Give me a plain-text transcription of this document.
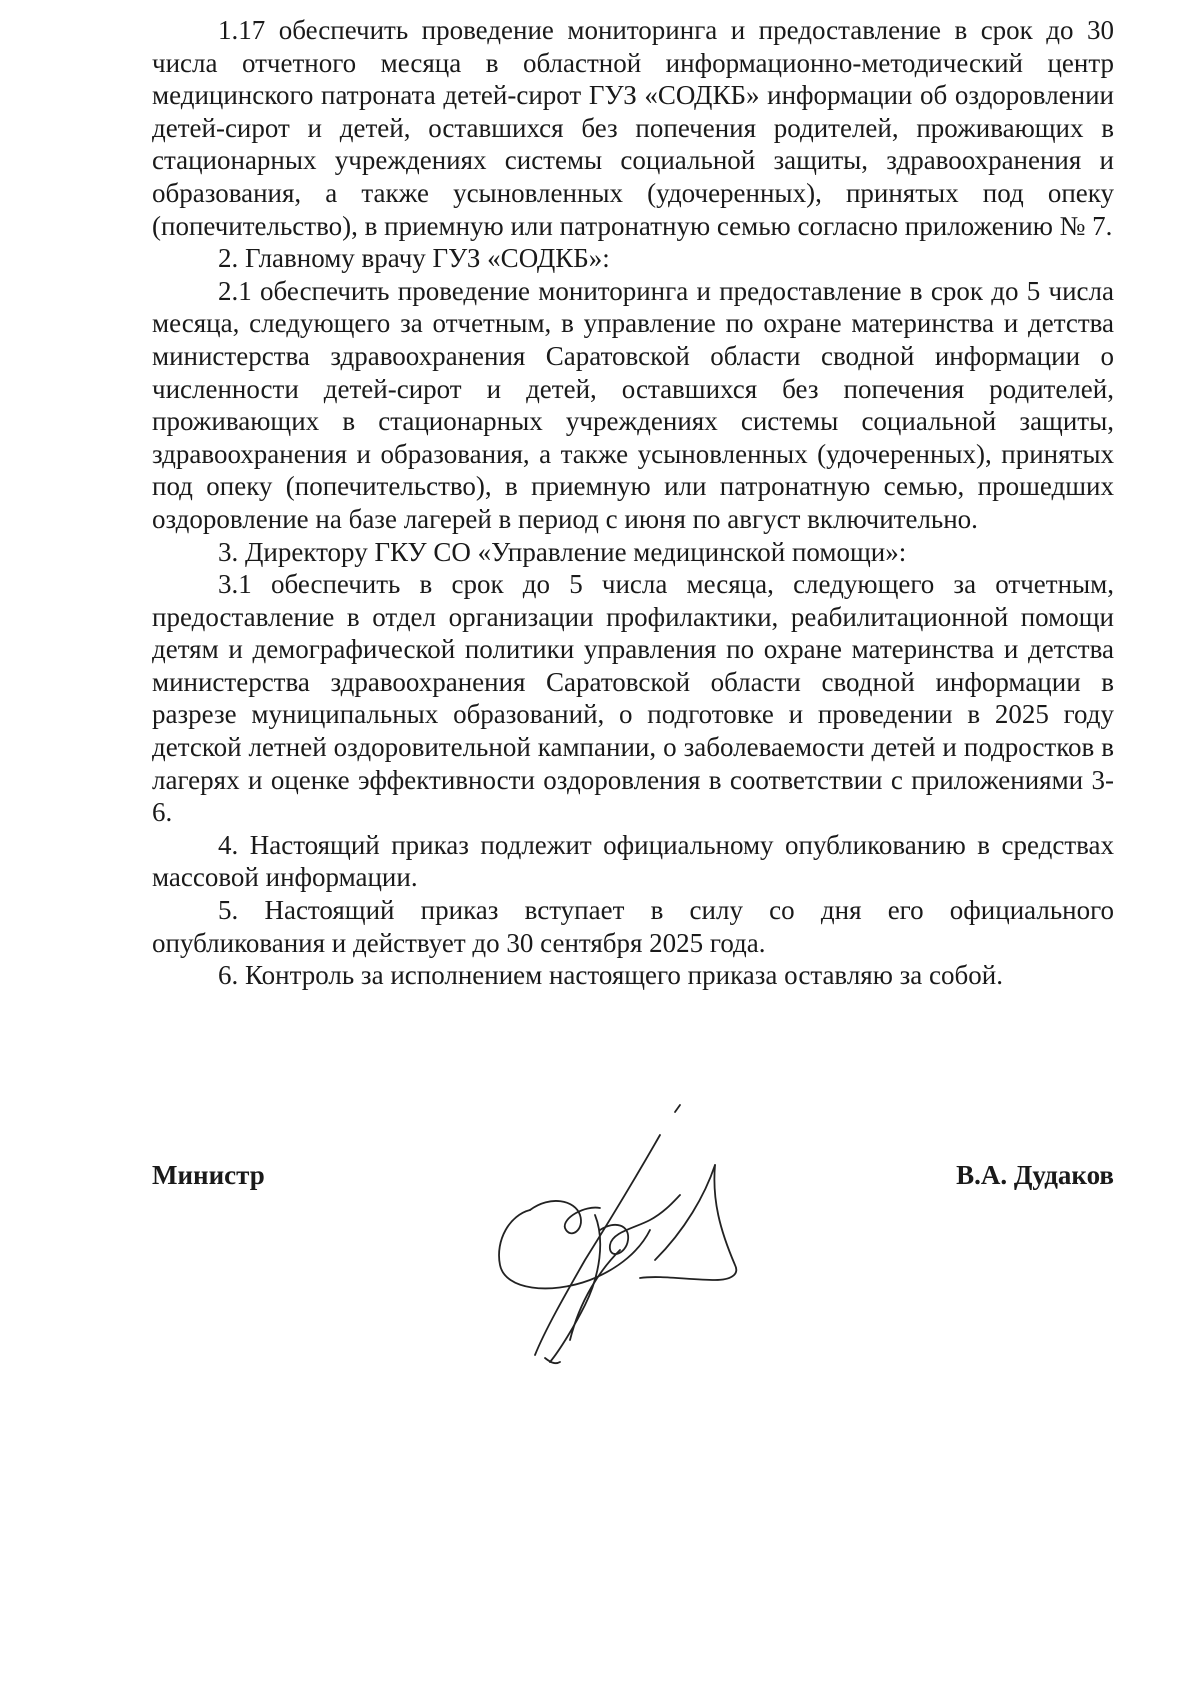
1.17 обеспечить проведение мониторинга и предоставление в срок до 30 числа отчетного месяца в областной информационно-методический центр медицинского патроната детей-сирот ГУЗ «СОДКБ» информации об оздоровлении детей-сирот и детей, оставшихся без попечения родителей, проживающих в стационарных учреждениях системы социальной защиты, здравоохранения и образования, а также усыновленных (удочеренных), принятых под опеку (попечительство), в приемную или патронатную семью согласно приложению № 7.

2. Главному врачу ГУЗ «СОДКБ»:

2.1 обеспечить проведение мониторинга и предоставление в срок до 5 числа месяца, следующего за отчетным, в управление по охране материнства и детства министерства здравоохранения Саратовской области сводной информации о численности детей-сирот и детей, оставшихся без попечения родителей, проживающих в стационарных учреждениях системы социальной защиты, здравоохранения и образования, а также усыновленных (удочеренных), принятых под опеку (попечительство), в приемную или патронатную семью, прошедших оздоровление на базе лагерей в период с июня по август включительно.

3. Директору ГКУ СО «Управление медицинской помощи»:

3.1 обеспечить в срок до 5 числа месяца, следующего за отчетным, предоставление в отдел организации профилактики, реабилитационной помощи детям и демографической политики управления по охране материнства и детства министерства здравоохранения Саратовской области сводной информации в разрезе муниципальных образований, о подготовке и проведении в 2025 году детской летней оздоровительной кампании, о заболеваемости детей и подростков в лагерях и оценке эффективности оздоровления в соответствии с приложениями 3-6.

4. Настоящий приказ подлежит официальному опубликованию в средствах массовой информации.

5. Настоящий приказ вступает в силу со дня его официального опубликования и действует до 30 сентября 2025 года.

6. Контроль за исполнением настоящего приказа оставляю за собой.

Министр	В.А. Дудаков
